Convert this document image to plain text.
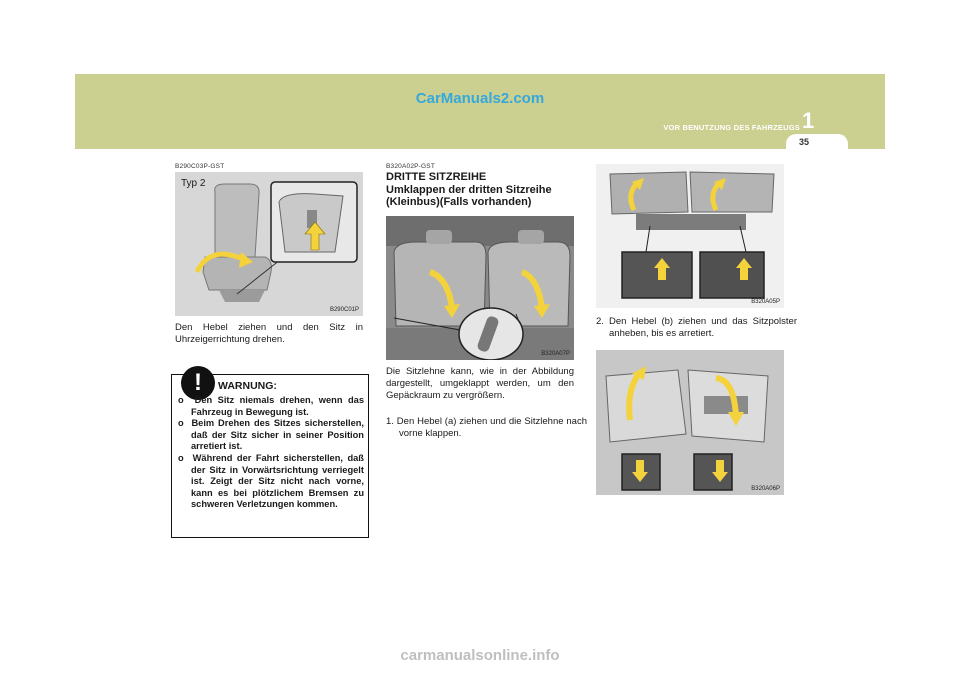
CarManuals2.com
VOR BENUTZUNG DES FAHRZEUGS 1
35
B290C03P-GST
Typ 2
B290C01P
Den Hebel ziehen und den Sitz in Uhrzeigerrichtung drehen.
!	WARNUNG:
o Den Sitz niemals drehen, wenn das Fahrzeug in Bewegung ist.
o Beim Drehen des Sitzes sicherstellen, daß der Sitz sicher in seiner Position arretiert ist.
o Während der Fahrt sicherstellen, daß der Sitz in Vorwärtsrichtung verriegelt ist. Zeigt der Sitz nicht nach vorne, kann es bei plötzlichem Bremsen zu schweren Verletzungen kommen.
B320A02P-GST
DRITTE SITZREIHE
Umklappen der dritten Sitzreihe (Kleinbus)(Falls vorhanden)
B320A07P
Die Sitzlehne kann, wie in der Abbildung dargestellt, umgeklappt werden, um den Gepäckraum zu vergrößern.
1. Den Hebel (a) ziehen und die Sitzlehne nach vorne klappen.
B320A05P
2. Den Hebel (b) ziehen und das Sitzpolster anheben, bis es arretiert.
B320A06P
carmanualsonline.info
